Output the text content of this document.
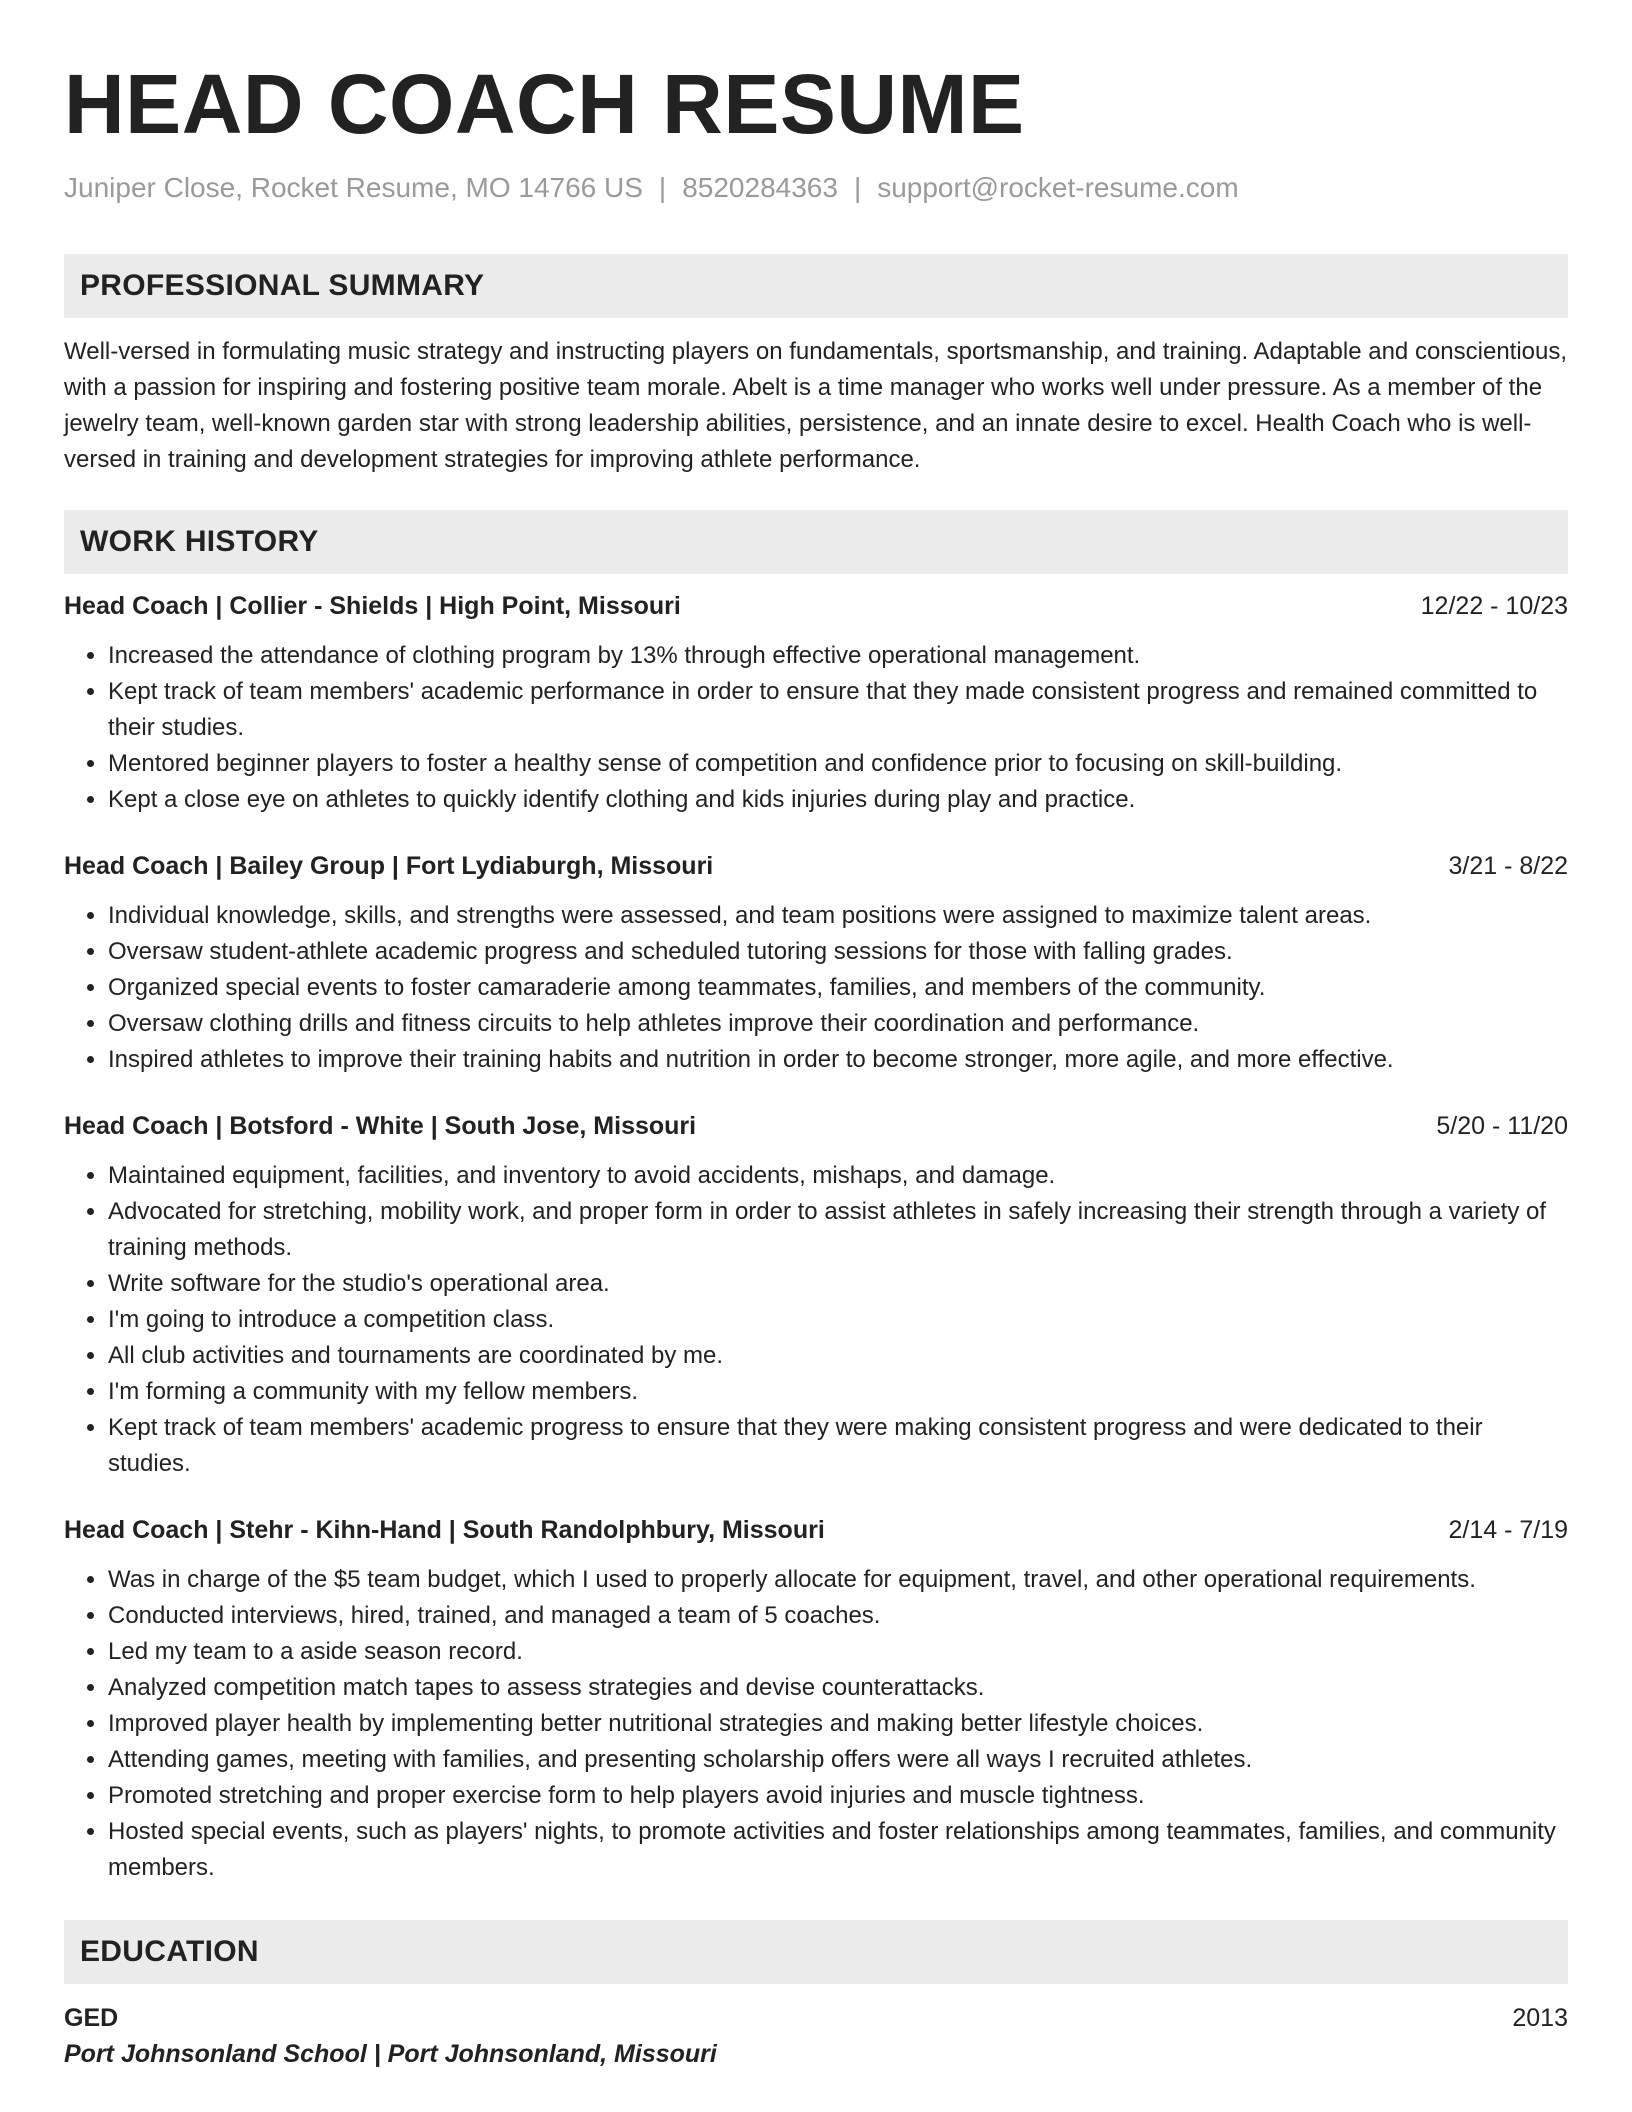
HEAD COACH RESUME
Juniper Close, Rocket Resume, MO 14766 US | 8520284363 | support@rocket-resume.com
PROFESSIONAL SUMMARY

Well-versed in formulating music strategy and instructing players on fundamentals, sportsmanship, and training. Adaptable and conscientious, with a passion for inspiring and fostering positive team morale. Abelt is a time manager who works well under pressure. As a member of the jewelry team, well-known garden star with strong leadership abilities, persistence, and an innate desire to excel. Health Coach who is well-versed in training and development strategies for improving athlete performance.

WORK HISTORY
Head Coach | Collier - Shields | High Point, Missouri	12/22 - 10/23
• Increased the attendance of clothing program by 13% through effective operational management.
• Kept track of team members' academic performance in order to ensure that they made consistent progress and remained committed to their studies.
• Mentored beginner players to foster a healthy sense of competition and confidence prior to focusing on skill-building.
• Kept a close eye on athletes to quickly identify clothing and kids injuries during play and practice.
Head Coach | Bailey Group | Fort Lydiaburgh, Missouri	3/21 - 8/22
• Individual knowledge, skills, and strengths were assessed, and team positions were assigned to maximize talent areas.
• Oversaw student-athlete academic progress and scheduled tutoring sessions for those with falling grades.
• Organized special events to foster camaraderie among teammates, families, and members of the community.
• Oversaw clothing drills and fitness circuits to help athletes improve their coordination and performance.
• Inspired athletes to improve their training habits and nutrition in order to become stronger, more agile, and more effective.
Head Coach | Botsford - White | South Jose, Missouri	5/20 - 11/20
• Maintained equipment, facilities, and inventory to avoid accidents, mishaps, and damage.
• Advocated for stretching, mobility work, and proper form in order to assist athletes in safely increasing their strength through a variety of training methods.
• Write software for the studio's operational area.
• I'm going to introduce a competition class.
• All club activities and tournaments are coordinated by me.
• I'm forming a community with my fellow members.
• Kept track of team members' academic progress to ensure that they were making consistent progress and were dedicated to their studies.
Head Coach | Stehr - Kihn-Hand | South Randolphbury, Missouri	2/14 - 7/19
• Was in charge of the $5 team budget, which I used to properly allocate for equipment, travel, and other operational requirements.
• Conducted interviews, hired, trained, and managed a team of 5 coaches.
• Led my team to a aside season record.
• Analyzed competition match tapes to assess strategies and devise counterattacks.
• Improved player health by implementing better nutritional strategies and making better lifestyle choices.
• Attending games, meeting with families, and presenting scholarship offers were all ways I recruited athletes.
• Promoted stretching and proper exercise form to help players avoid injuries and muscle tightness.
• Hosted special events, such as players' nights, to promote activities and foster relationships among teammates, families, and community members.
EDUCATION
GED	2013
Port Johnsonland School | Port Johnsonland, Missouri
